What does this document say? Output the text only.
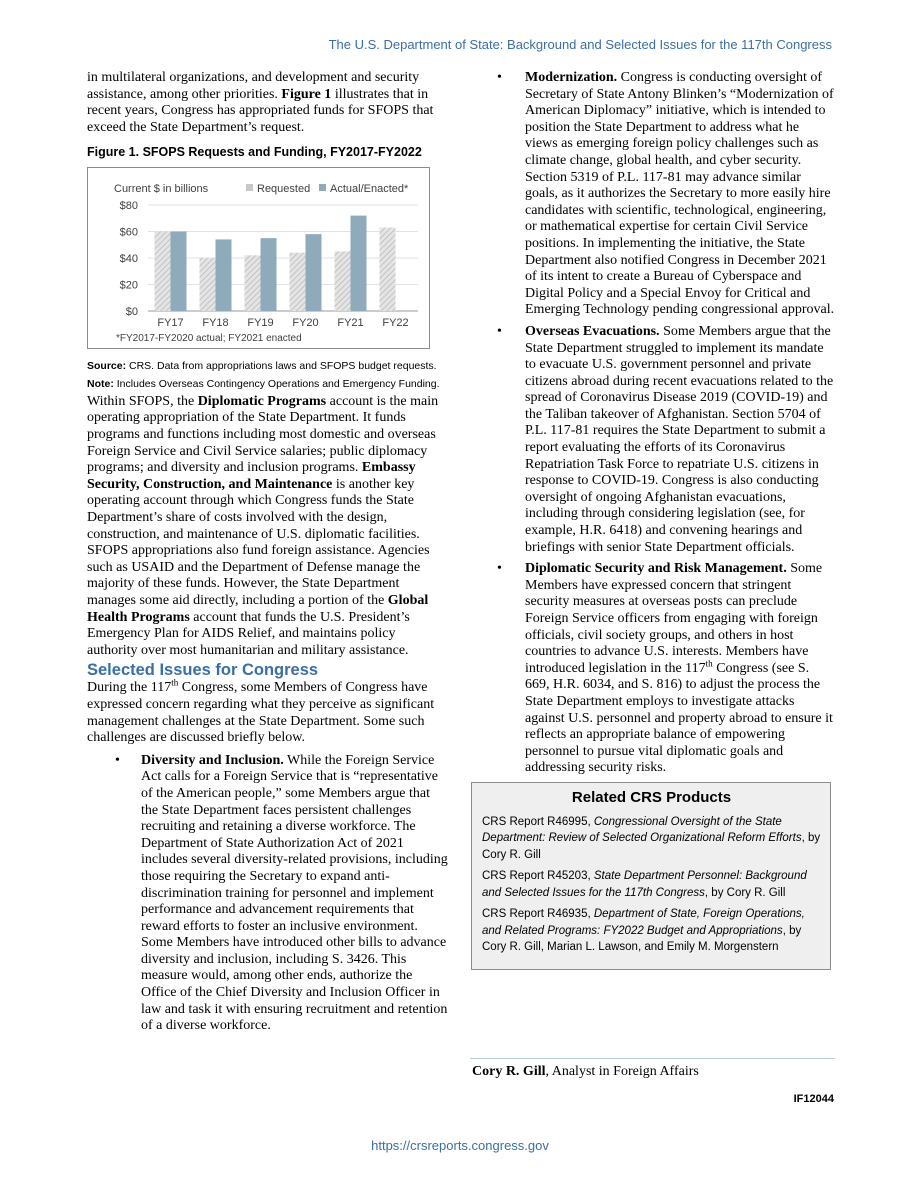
The U.S. Department of State: Background and Selected Issues for the 117th Congress

in multilateral organizations, and development and security assistance, among other priorities. Figure 1 illustrates that in recent years, Congress has appropriated funds for SFOPS that exceed the State Department’s request.

Figure 1. SFOPS Requests and Funding, FY2017-FY2022
Current $ in billions	Requested Actual/Enacted*
$0
$20
$40
$60
$80
FY17 FY18 FY19 FY20 FY21 FY22
*FY2017-FY2020 actual; FY2021 enacted

Source: CRS. Data from appropriations laws and SFOPS budget requests.

Note: Includes Overseas Contingency Operations and Emergency Funding.

Within SFOPS, the Diplomatic Programs account is the main operating appropriation of the State Department. It funds programs and functions including most domestic and overseas Foreign Service and Civil Service salaries; public diplomacy programs; and diversity and inclusion programs. Embassy Security, Construction, and Maintenance is another key operating account through which Congress funds the State Department’s share of costs involved with the design, construction, and maintenance of U.S. diplomatic facilities. SFOPS appropriations also fund foreign assistance. Agencies such as USAID and the Department of Defense manage the majority of these funds. However, the State Department manages some aid directly, including a portion of the Global Health Programs account that funds the U.S. President’s Emergency Plan for AIDS Relief, and maintains policy authority over most humanitarian and military assistance.

Selected Issues for Congress

During the 117th Congress, some Members of Congress have expressed concern regarding what they perceive as significant management challenges at the State Department. Some such challenges are discussed briefly below.

• Diversity and Inclusion. While the Foreign Service Act calls for a Foreign Service that is “representative of the American people,” some Members argue that the State Department faces persistent challenges recruiting and retaining a diverse workforce. The Department of State Authorization Act of 2021 includes several diversity-related provisions, including those requiring the Secretary to expand anti-discrimination training for personnel and implement performance and advancement requirements that reward efforts to foster an inclusive environment. Some Members have introduced other bills to advance diversity and inclusion, including S. 3426. This measure would, among other ends, authorize the Office of the Chief Diversity and Inclusion Officer in law and task it with ensuring recruitment and retention of a diverse workforce.
• Modernization. Congress is conducting oversight of Secretary of State Antony Blinken’s “Modernization of American Diplomacy” initiative, which is intended to position the State Department to address what he views as emerging foreign policy challenges such as climate change, global health, and cyber security. Section 5319 of P.L. 117-81 may advance similar goals, as it authorizes the Secretary to more easily hire candidates with scientific, technological, engineering, or mathematical expertise for certain Civil Service positions. In implementing the initiative, the State Department also notified Congress in December 2021 of its intent to create a Bureau of Cyberspace and Digital Policy and a Special Envoy for Critical and Emerging Technology pending congressional approval.
• Overseas Evacuations. Some Members argue that the State Department struggled to implement its mandate to evacuate U.S. government personnel and private citizens abroad during recent evacuations related to the spread of Coronavirus Disease 2019 (COVID-19) and the Taliban takeover of Afghanistan. Section 5704 of P.L. 117-81 requires the State Department to submit a report evaluating the efforts of its Coronavirus Repatriation Task Force to repatriate U.S. citizens in response to COVID-19. Congress is also conducting oversight of ongoing Afghanistan evacuations, including through considering legislation (see, for example, H.R. 6418) and convening hearings and briefings with senior State Department officials.
• Diplomatic Security and Risk Management. Some Members have expressed concern that stringent security measures at overseas posts can preclude Foreign Service officers from engaging with foreign officials, civil society groups, and others in host countries to advance U.S. interests. Members have introduced legislation in the 117th Congress (see S. 669, H.R. 6034, and S. 816) to adjust the process the State Department employs to investigate attacks against U.S. personnel and property abroad to ensure it reflects an appropriate balance of empowering personnel to pursue vital diplomatic goals and addressing security risks.
Related CRS Products
CRS Report R46995, Congressional Oversight of the State Department: Review of Selected Organizational Reform Efforts, by Cory R. Gill
CRS Report R45203, State Department Personnel: Background and Selected Issues for the 117th Congress, by Cory R. Gill
CRS Report R46935, Department of State, Foreign Operations, and Related Programs: FY2022 Budget and Appropriations, by Cory R. Gill, Marian L. Lawson, and Emily M. Morgenstern
Cory R. Gill, Analyst in Foreign Affairs
IF12044
https://crsreports.congress.gov
